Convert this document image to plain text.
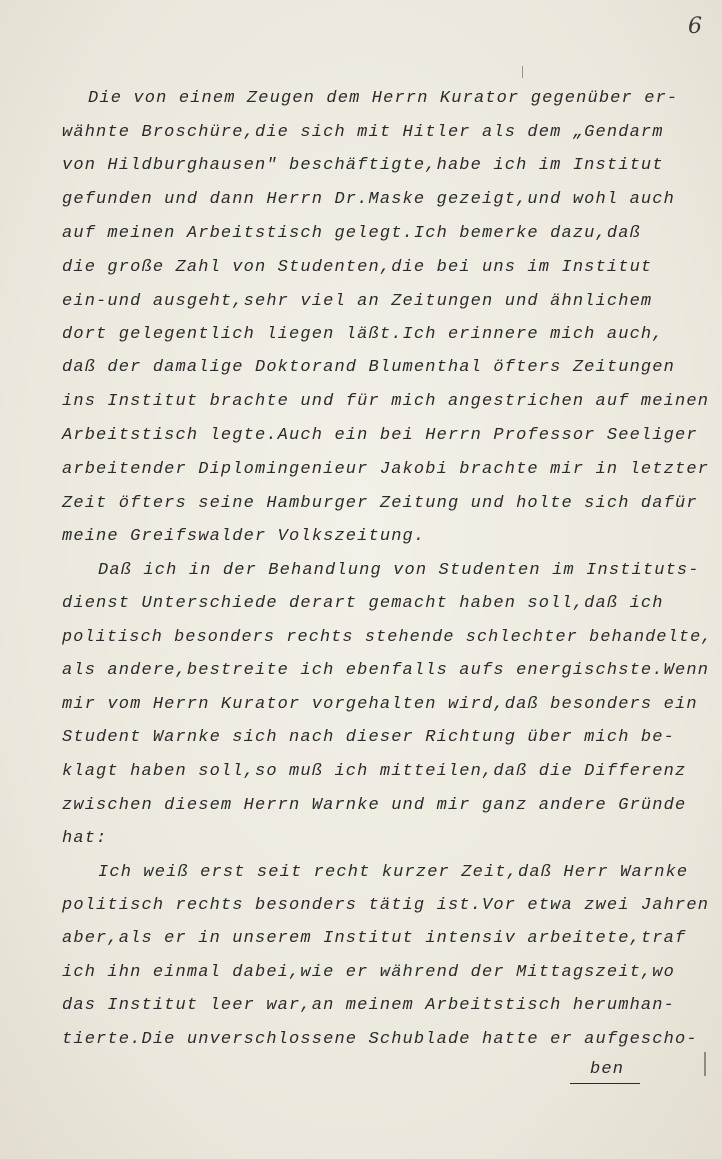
6
Die von einem Zeugen dem Herrn Kurator gegenüber er-
wähnte Broschüre,die sich mit Hitler als dem „Gendarm
von Hildburghausen" beschäftigte,habe ich im Institut
gefunden und dann Herrn Dr.Maske gezeigt,und wohl auch
auf meinen Arbeitstisch gelegt.Ich bemerke dazu,daß
die große Zahl von Studenten,die bei uns im Institut
ein-und ausgeht,sehr viel an Zeitungen und ähnlichem
dort gelegentlich liegen läßt.Ich erinnere mich auch,
daß der damalige Doktorand Blumenthal öfters Zeitungen
ins Institut brachte und für mich angestrichen auf meinen
Arbeitstisch legte.Auch ein bei Herrn Professor Seeliger
arbeitender Diplomingenieur Jakobi brachte mir in letzter
Zeit öfters seine Hamburger Zeitung und holte sich dafür
meine Greifswalder Volkszeitung.
Daß ich in der Behandlung von Studenten im Instituts-
dienst Unterschiede derart gemacht haben soll,daß ich
politisch besonders rechts stehende schlechter behandelte,
als andere,bestreite ich ebenfalls aufs energischste.Wenn
mir vom Herrn Kurator vorgehalten wird,daß besonders ein
Student Warnke sich nach dieser Richtung über mich be-
klagt haben soll,so muß ich mitteilen,daß die Differenz
zwischen diesem Herrn Warnke und mir ganz andere Gründe
hat:
Ich weiß erst seit recht kurzer Zeit,daß Herr Warnke
politisch rechts besonders tätig ist.Vor etwa zwei Jahren
aber,als er in unserem Institut intensiv arbeitete,traf
ich ihn einmal dabei,wie er während der Mittagszeit,wo
das Institut leer war,an meinem Arbeitstisch herumhan-
tierte.Die unverschlossene Schublade hatte er aufgescho-
ben
